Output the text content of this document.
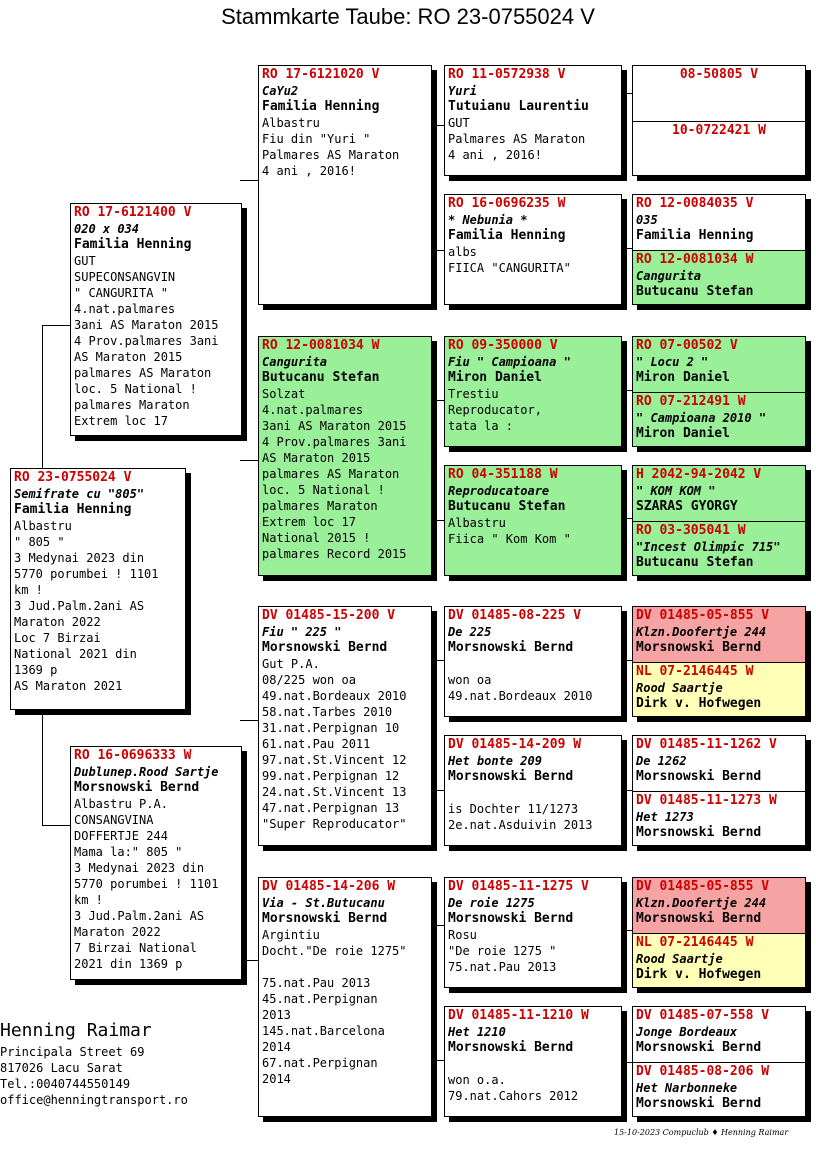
Stammkarte Taube: RO 23-0755024 V
RO 23-0755024 V
Semifrate cu "805"
Familia Henning
Albastru
" 805 "
3 Medynai 2023 din
5770 porumbei ! 1101
km !
3 Jud.Palm.2ani AS
Maraton 2022
Loc 7 Birzai
National 2021 din
1369 p
AS Maraton 2021
RO 17-6121400 V
020 x 034
Familia Henning
GUT
SUPECONSANGVIN
" CANGURITA "
4.nat.palmares
3ani AS Maraton 2015
4 Prov.palmares 3ani
AS Maraton 2015
palmares AS Maraton
loc. 5 National !
palmares Maraton
Extrem loc 17
RO 16-0696333 W
Dublunep.Rood Sartje
Morsnowski Bernd
Albastru P.A.
CONSANGVINA
DOFFERTJE 244
Mama la:" 805 "
3 Medynai 2023 din
5770 porumbei ! 1101
km !
3 Jud.Palm.2ani AS
Maraton 2022
7 Birzai National
2021 din 1369 p
RO 17-6121020 V
CaYu2
Familia Henning
Albastru
Fiu din "Yuri "
Palmares AS Maraton
4 ani , 2016!
RO 12-0081034 W
Cangurita
Butucanu Stefan
Solzat
4.nat.palmares
3ani AS Maraton 2015
4 Prov.palmares 3ani
AS Maraton 2015
palmares AS Maraton
loc. 5 National !
palmares Maraton
Extrem loc 17
National 2015 !
palmares Record 2015
DV 01485-15-200 V
Fiu " 225 "
Morsnowski Bernd
Gut P.A.
08/225 won oa
49.nat.Bordeaux 2010
58.nat.Tarbes 2010
31.nat.Perpignan 10
61.nat.Pau 2011
97.nat.St.Vincent 12
99.nat.Perpignan 12
24.nat.St.Vincent 13
47.nat.Perpignan 13
"Super Reproducator"
DV 01485-14-206 W
Via - St.Butucanu
Morsnowski Bernd
Argintiu
Docht."De roie 1275"
75.nat.Pau 2013
45.nat.Perpignan
2013
145.nat.Barcelona
2014
67.nat.Perpignan
2014
RO 11-0572938 V
Yuri
Tutuianu Laurentiu
GUT
Palmares AS Maraton
4 ani , 2016!
RO 16-0696235 W
* Nebunia *
Familia Henning
albs
FIICA "CANGURITA"
RO 09-350000 V
Fiu " Campioana "
Miron Daniel
Trestiu
Reproducator,
tata la :
RO 04-351188 W
Reproducatoare
Butucanu Stefan
Albastru
Fiica " Kom Kom "
DV 01485-08-225 V
De 225
Morsnowski Bernd
won oa
49.nat.Bordeaux 2010
DV 01485-14-209 W
Het bonte 209
Morsnowski Bernd
is Dochter 11/1273
2e.nat.Asduivin 2013
DV 01485-11-1275 V
De roie 1275
Morsnowski Bernd
Rosu
"De roie 1275 "
75.nat.Pau 2013
DV 01485-11-1210 W
Het 1210
Morsnowski Bernd
won o.a.
79.nat.Cahors 2012
08-50805 V
10-0722421 W
RO 12-0084035 V
035
Familia Henning
RO 12-0081034 W
Cangurita
Butucanu Stefan
RO 07-00502 V
" Locu 2 "
Miron Daniel
RO 07-212491 W
" Campioana 2010 "
Miron Daniel
H 2042-94-2042 V
" KOM KOM "
SZARAS GYORGY
RO 03-305041 W
"Incest Olimpic 715"
Butucanu Stefan
DV 01485-05-855 V
Klzn.Doofertje 244
Morsnowski Bernd
NL 07-2146445 W
Rood Saartje
Dirk v. Hofwegen
DV 01485-11-1262 V
De 1262
Morsnowski Bernd
DV 01485-11-1273 W
Het 1273
Morsnowski Bernd
DV 01485-05-855 V
Klzn.Doofertje 244
Morsnowski Bernd
NL 07-2146445 W
Rood Saartje
Dirk v. Hofwegen
DV 01485-07-558 V
Jonge Bordeaux
Morsnowski Bernd
DV 01485-08-206 W
Het Narbonneke
Morsnowski Bernd
Henning Raimar
Principala Street 69
817026 Lacu Sarat
Tel.:0040744550149
office@henningtransport.ro
15-10-2023 Compuclub ♦ Henning Raimar
